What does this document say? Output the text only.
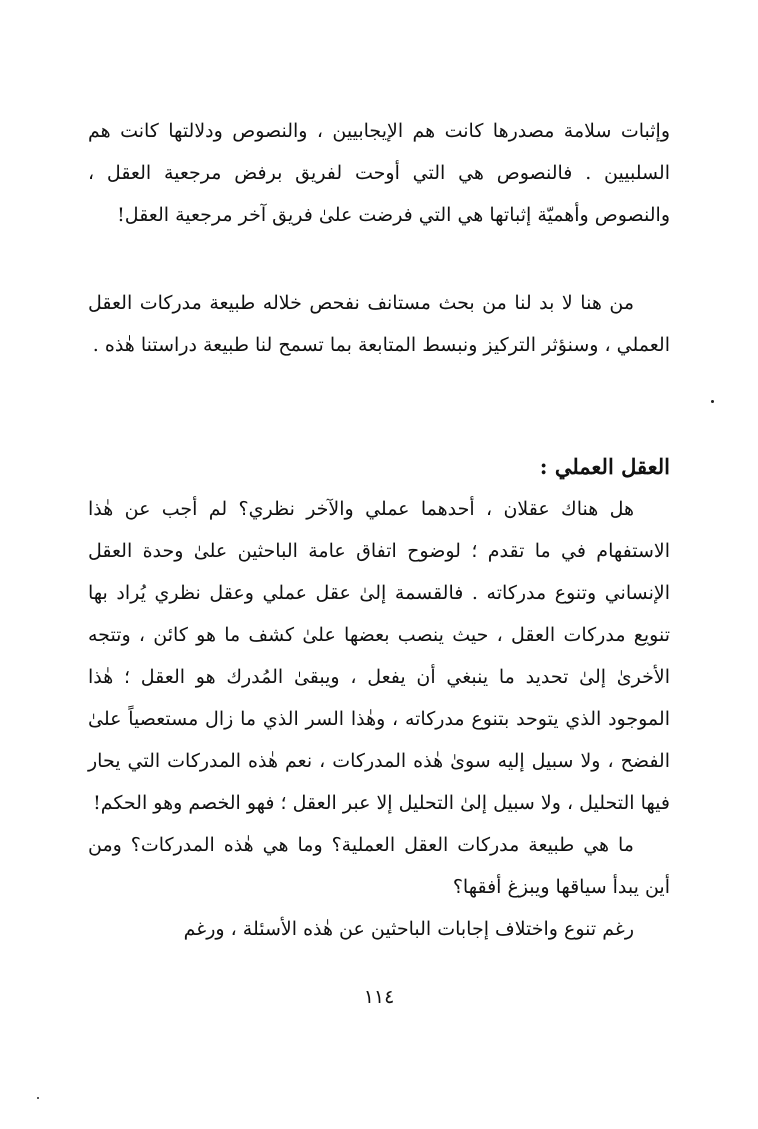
وإثبات سلامة مصدرها كانت هم الإيجابيين ، والنصوص ودلالتها كانت هم السلبيين . فالنصوص هي التي أوحت لفريق برفض مرجعية العقل ، والنصوص وأهميّة إثباتها هي التي فرضت علىٰ فريق آخر مرجعية العقل!

من هنا لا بد لنا من بحث مستانف نفحص خلاله طبيعة مدركات العقل العملي ، وسنؤثر التركيز ونبسط المتابعة بما تسمح لنا طبيعة دراستنا هٰذه .

العقل العملي :

هل هناك عقلان ، أحدهما عملي والآخر نظري؟ لم أجب عن هٰذا الاستفهام في ما تقدم ؛ لوضوح اتفاق عامة الباحثين علىٰ وحدة العقل الإنساني وتنوع مدركاته . فالقسمة إلىٰ عقل عملي وعقل نظري يُراد بها تنويع مدركات العقل ، حيث ينصب بعضها علىٰ كشف ما هو كائن ، وتتجه الأخرىٰ إلىٰ تحديد ما ينبغي أن يفعل ، ويبقىٰ المُدرك هو العقل ؛ هٰذا الموجود الذي يتوحد بتنوع مدركاته ، وهٰذا السر الذي ما زال مستعصياً علىٰ الفضح ، ولا سبيل إليه سوىٰ هٰذه المدركات ، نعم هٰذه المدركات التي يحار فيها التحليل ، ولا سبيل إلىٰ التحليل إلا عبر العقل ؛ فهو الخصم وهو الحكم!

ما هي طبيعة مدركات العقل العملية؟ وما هي هٰذه المدركات؟ ومن أين يبدأ سياقها ويبزغ أفقها؟

رغم تنوع واختلاف إجابات الباحثين عن هٰذه الأسئلة ، ورغم

١١٤
